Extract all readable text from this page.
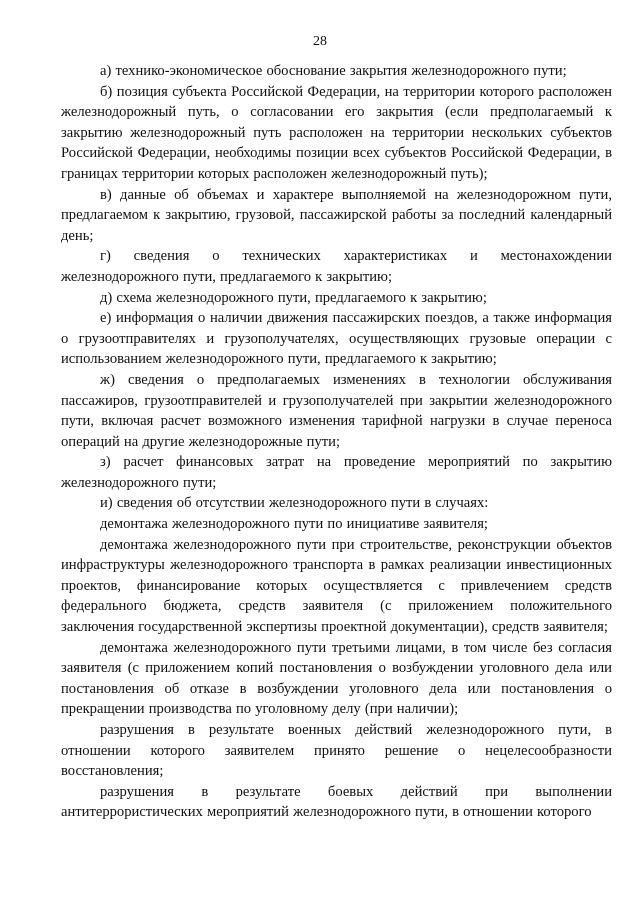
28

а) технико-экономическое обоснование закрытия железнодорожного пути;

б) позиция субъекта Российской Федерации, на территории которого расположен железнодорожный путь, о согласовании его закрытия (если предполагаемый к закрытию железнодорожный путь расположен на территории нескольких субъектов Российской Федерации, необходимы позиции всех субъектов Российской Федерации, в границах территории которых расположен железнодорожный путь);

в) данные об объемах и характере выполняемой на железнодорожном пути, предлагаемом к закрытию, грузовой, пассажирской работы за последний календарный день;

г) сведения о технических характеристиках и местонахождении железнодорожного пути, предлагаемого к закрытию;

д) схема железнодорожного пути, предлагаемого к закрытию;

е) информация о наличии движения пассажирских поездов, а также информация о грузоотправителях и грузополучателях, осуществляющих грузовые операции с использованием железнодорожного пути, предлагаемого к закрытию;

ж) сведения о предполагаемых изменениях в технологии обслуживания пассажиров, грузоотправителей и грузополучателей при закрытии железнодорожного пути, включая расчет возможного изменения тарифной нагрузки в случае переноса операций на другие железнодорожные пути;

з) расчет финансовых затрат на проведение мероприятий по закрытию железнодорожного пути;

и) сведения об отсутствии железнодорожного пути в случаях:

демонтажа железнодорожного пути по инициативе заявителя;

демонтажа железнодорожного пути при строительстве, реконструкции объектов инфраструктуры железнодорожного транспорта в рамках реализации инвестиционных проектов, финансирование которых осуществляется с привлечением средств федерального бюджета, средств заявителя (с приложением положительного заключения государственной экспертизы проектной документации), средств заявителя;

демонтажа железнодорожного пути третьими лицами, в том числе без согласия заявителя (с приложением копий постановления о возбуждении уголовного дела или постановления об отказе в возбуждении уголовного дела или постановления о прекращении производства по уголовному делу (при наличии);

разрушения в результате военных действий железнодорожного пути, в отношении которого заявителем принято решение о нецелесообразности восстановления;

разрушения в результате боевых действий при выполнении антитеррористических мероприятий железнодорожного пути, в отношении которого
